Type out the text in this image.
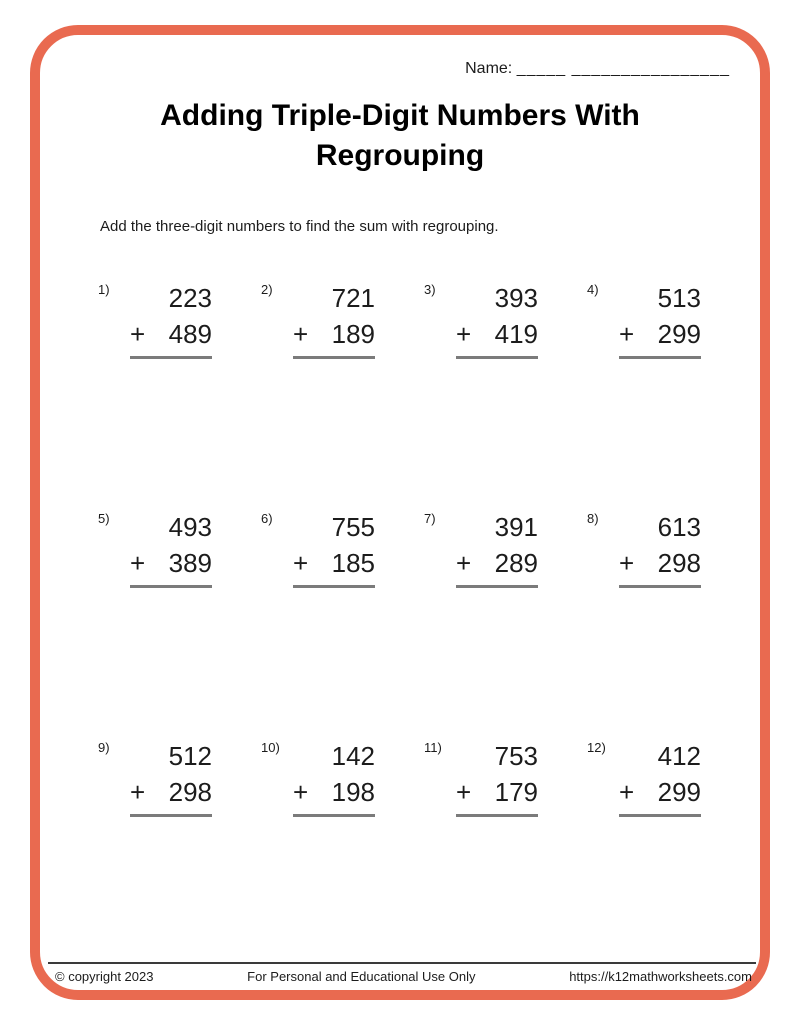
Name: _____ ________________
Adding Triple-Digit Numbers With
Regrouping
Add the three-digit numbers to find the sum with regrouping.
1)	223
+ 489
2)	721
+ 189
3)	393
+ 419
4)	513
+ 299
5)	493
+ 389
6)	755
+ 185
7)	391
+ 289
8)	613
+ 298
9)	512
+ 298
10)	142
+ 198
11)	753
+ 179
12)	412
+ 299
© copyright 2023	For Personal and Educational Use Only	https://k12mathworksheets.com
